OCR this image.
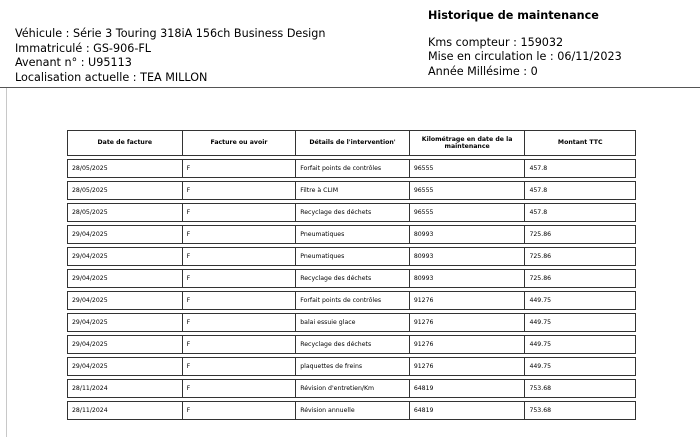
Véhicule : Série 3 Touring 318iA 156ch Business Design
Immatriculé : GS-906-FL
Avenant n° : U95113
Localisation actuelle : TEA MILLON
Historique de maintenance
Kms compteur : 159032
Mise en circulation le : 06/11/2023
Année Millésime : 0
Date de facture	Facture ou avoir	Détails de l'intervention'	Kilométrage en date de la maintenance	Montant TTC
28/05/2025	F	Forfait points de contrôles	96555	457.8
28/05/2025	F	Filtre à CLIM	96555	457.8
28/05/2025	F	Recyclage des déchets	96555	457.8
29/04/2025	F	Pneumatiques	80993	725.86
29/04/2025	F	Pneumatiques	80993	725.86
29/04/2025	F	Recyclage des déchets	80993	725.86
29/04/2025	F	Forfait points de contrôles	91276	449.75
29/04/2025	F	balai essuie glace	91276	449.75
29/04/2025	F	Recyclage des déchets	91276	449.75
29/04/2025	F	plaquettes de freins	91276	449.75
28/11/2024	F	Révision d'entretien/Km	64819	753.68
28/11/2024	F	Révision annuelle	64819	753.68
